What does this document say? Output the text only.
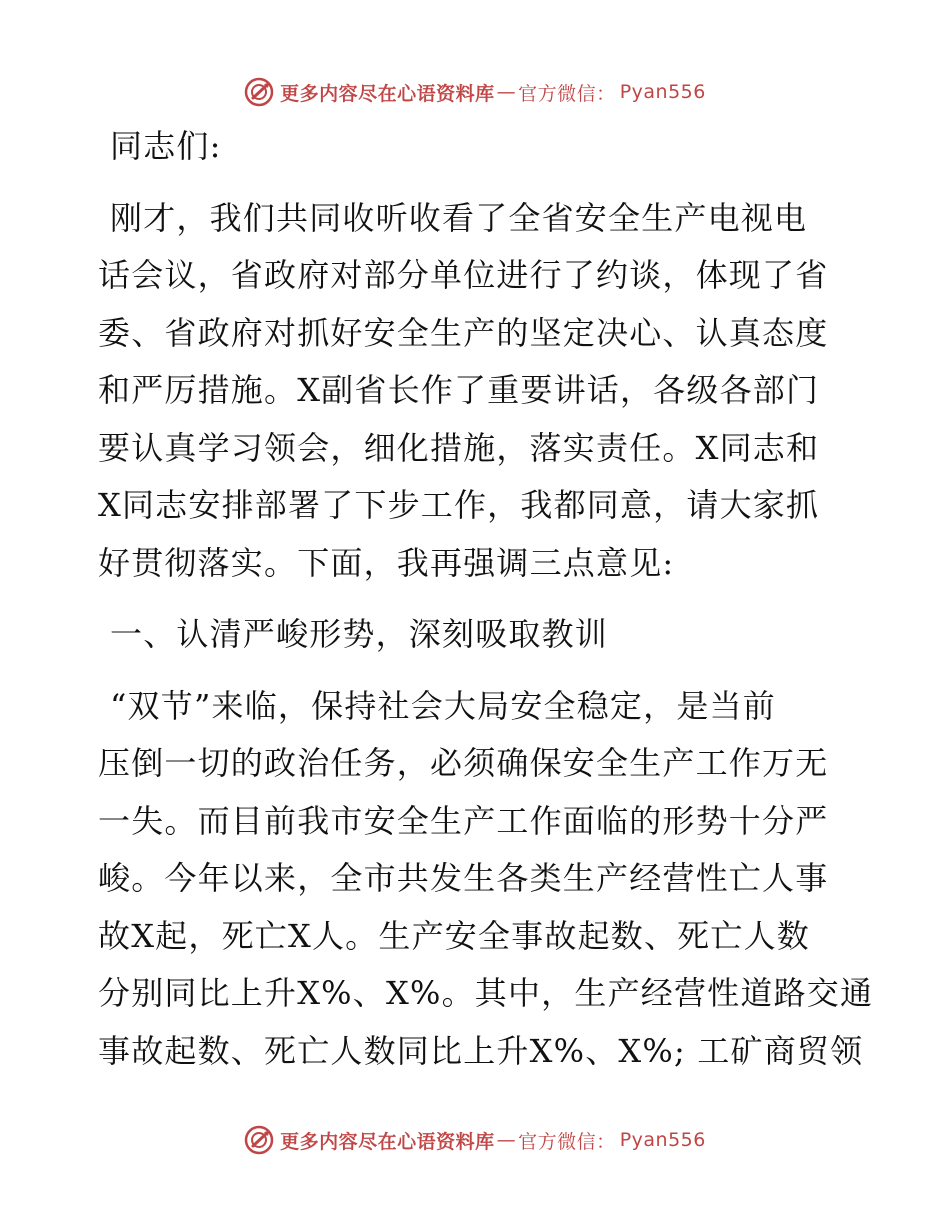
更多内容尽在心语资料库 — 官方微信： Pyan556
同志们:
刚才，我们共同收听收看了全省安全生产电视电
话会议，省政府对部分单位进行了约谈，体现了省
委、省政府对抓好安全生产的坚定决心、认真态度
和严厉措施。X副省长作了重要讲话，各级各部门
要认真学习领会，细化措施，落实责任。X同志和
X同志安排部署了下步工作，我都同意，请大家抓
好贯彻落实。下面，我再强调三点意见:
一、认清严峻形势，深刻吸取教训
“双节”来临，保持社会大局安全稳定，是当前
压倒一切的政治任务，必须确保安全生产工作万无
一失。而目前我市安全生产工作面临的形势十分严
峻。今年以来，全市共发生各类生产经营性亡人事
故X起，死亡X人。生产安全事故起数、死亡人数
分别同比上升X%、X%。其中，生产经营性道路交通
事故起数、死亡人数同比上升X%、X%; 工矿商贸领
更多内容尽在心语资料库 — 官方微信： Pyan556
